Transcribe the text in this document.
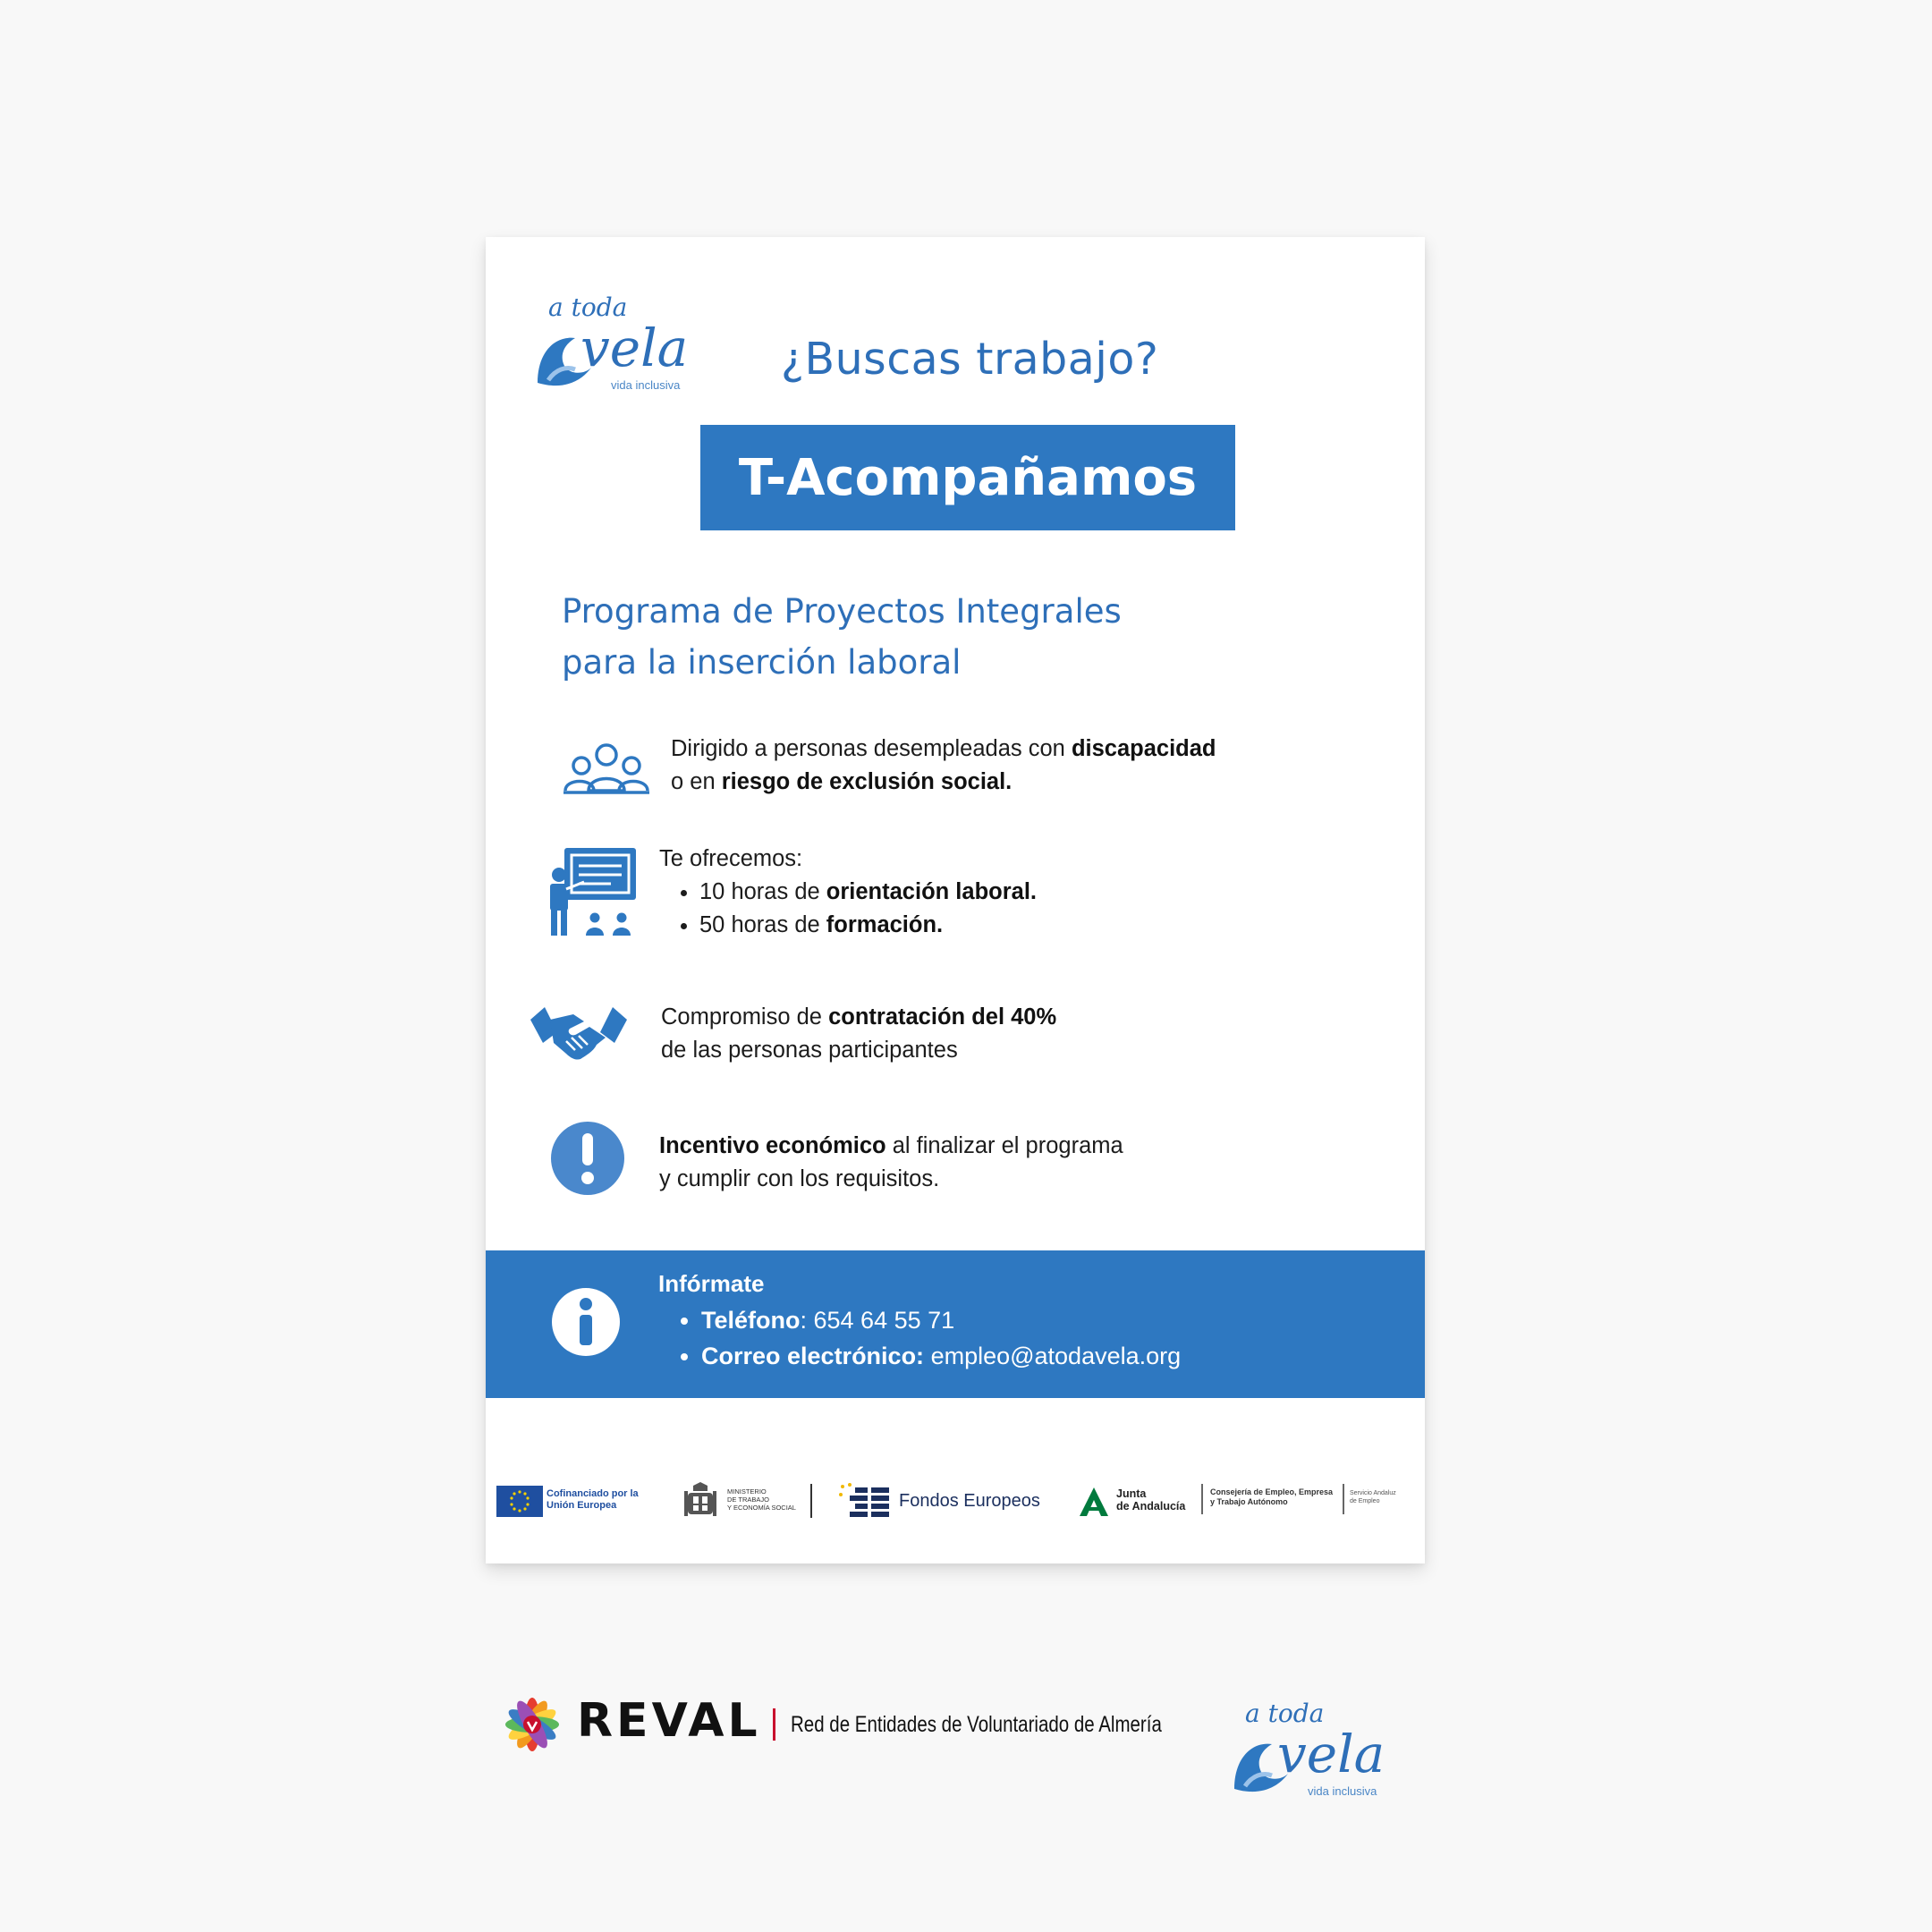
a toda
vela
vida inclusiva
¿Buscas trabajo?
T-Acompañamos
Programa de Proyectos Integrales
para la inserción laboral
Dirigido a personas desempleadas con discapacidad
o en riesgo de exclusión social.
Te ofrecemos:
• 10 horas de orientación laboral.
• 50 horas de formación.
Compromiso de contratación del 40%
de las personas participantes
Incentivo económico al finalizar el programa
y cumplir con los requisitos.
Infórmate
• Teléfono: 654 64 55 71
• Correo electrónico: empleo@atodavela.org
Cofinanciado por la Unión Europea
MINISTERIO
DE TRABAJO
Y ECONOMÍA SOCIAL	Fondos Europeos	Junta
de Andalucía
Consejería de Empleo, Empresa
y Trabajo Autónomo
Servicio Andaluz
de Empleo
REVAL Red de Entidades de Voluntariado de Almería	a toda
vela
vida inclusiva
